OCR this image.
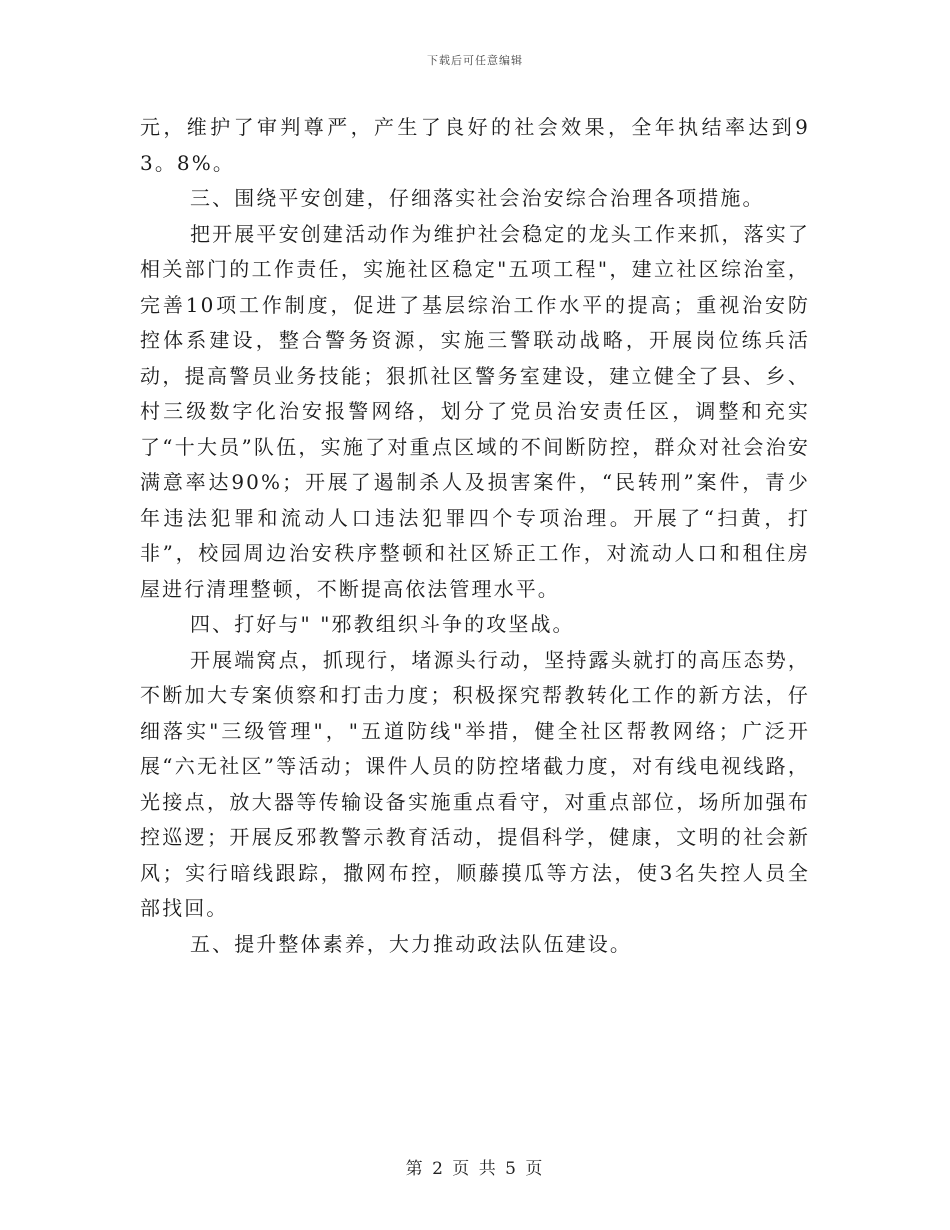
下载后可任意编辑

元，维护了审判尊严，产生了良好的社会效果，全年执结率达到93。8%。

三、围绕平安创建，仔细落实社会治安综合治理各项措施。

把开展平安创建活动作为维护社会稳定的龙头工作来抓，落实了相关部门的工作责任，实施社区稳定"五项工程"，建立社区综治室，完善10项工作制度，促进了基层综治工作水平的提高；重视治安防控体系建设，整合警务资源，实施三警联动战略，开展岗位练兵活动，提高警员业务技能；狠抓社区警务室建设，建立健全了县、乡、村三级数字化治安报警网络，划分了党员治安责任区，调整和充实了“十大员”队伍，实施了对重点区域的不间断防控，群众对社会治安满意率达90%；开展了遏制杀人及损害案件，“民转刑”案件，青少年违法犯罪和流动人口违法犯罪四个专项治理。开展了“扫黄，打非”，校园周边治安秩序整顿和社区矫正工作，对流动人口和租住房屋进行清理整顿，不断提高依法管理水平。

四、打好与" "邪教组织斗争的攻坚战。

开展端窝点，抓现行，堵源头行动，坚持露头就打的高压态势，不断加大专案侦察和打击力度；积极探究帮教转化工作的新方法，仔细落实"三级管理"，"五道防线"举措，健全社区帮教网络；广泛开展“六无社区”等活动；课件人员的防控堵截力度，对有线电视线路，光接点，放大器等传输设备实施重点看守，对重点部位，场所加强布控巡逻；开展反邪教警示教育活动，提倡科学，健康，文明的社会新风；实行暗线跟踪，撒网布控，顺藤摸瓜等方法，使3名失控人员全部找回。

五、提升整体素养，大力推动政法队伍建设。

第 2 页 共 5 页
